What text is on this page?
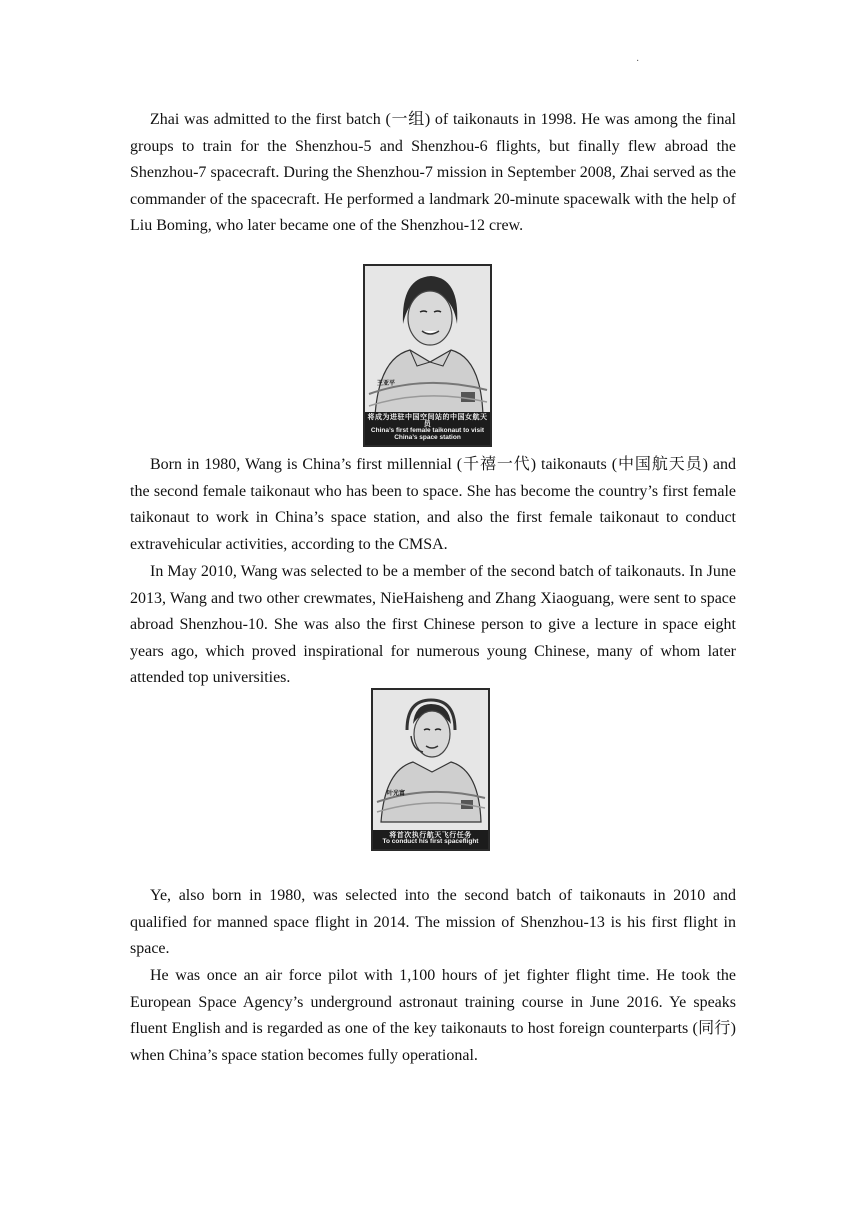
·

Zhai was admitted to the first batch (一组) of taikonauts in 1998. He was among the final groups to train for the Shenzhou-5 and Shenzhou-6 flights, but finally flew abroad the Shenzhou-7 spacecraft. During the Shenzhou-7 mission in September 2008, Zhai served as the commander of the spacecraft. He performed a landmark 20-minute spacewalk with the help of Liu Boming, who later became one of the Shenzhou-12 crew.

王亚平
将成为进驻中国空间站的中国女航天员
China’s first female taikonaut to visit China’s space station

Born in 1980, Wang is China’s first millennial (千禧一代) taikonauts (中国航天员) and the second female taikonaut who has been to space. She has become the country’s first female taikonaut to work in China’s space station, and also the first female taikonaut to conduct extravehicular activities, according to the CMSA.

In May 2010, Wang was selected to be a member of the second batch of taikonauts. In June 2013, Wang and two other crewmates, NieHaisheng and Zhang Xiaoguang, were sent to space abroad Shenzhou-10. She was also the first Chinese person to give a lecture in space eight years ago, which proved inspirational for numerous young Chinese, many of whom later attended top universities.

叶光富
将首次执行航天飞行任务
To conduct his first spaceflight

Ye, also born in 1980, was selected into the second batch of taikonauts in 2010 and qualified for manned space flight in 2014. The mission of Shenzhou-13 is his first flight in space.

He was once an air force pilot with 1,100 hours of jet fighter flight time. He took the European Space Agency’s underground astronaut training course in June 2016. Ye speaks fluent English and is regarded as one of the key taikonauts to host foreign counterparts (同行) when China’s space station becomes fully operational.
